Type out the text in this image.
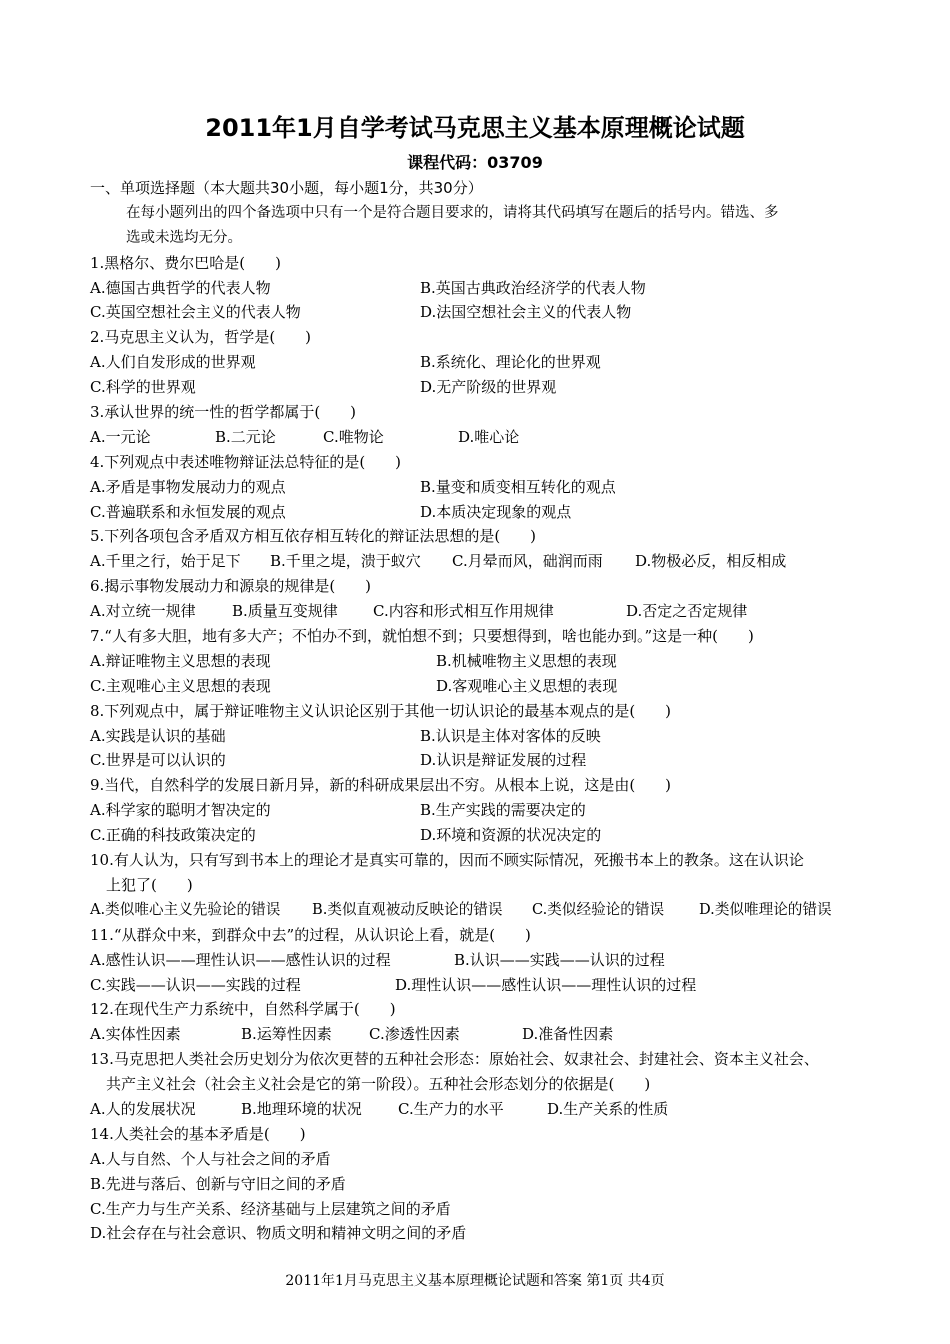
2011年1月自学考试马克思主义基本原理概论试题
课程代码：03709
一、单项选择题（本大题共30小题，每小题1分，共30分）
在每小题列出的四个备选项中只有一个是符合题目要求的，请将其代码填写在题后的括号内。错选、多
选或未选均无分。
1.黑格尔、费尔巴哈是(　　)
A.德国古典哲学的代表人物	B.英国古典政治经济学的代表人物
C.英国空想社会主义的代表人物	D.法国空想社会主义的代表人物
2.马克思主义认为，哲学是(　　)
A.人们自发形成的世界观	B.系统化、理论化的世界观
C.科学的世界观	D.无产阶级的世界观
3.承认世界的统一性的哲学都属于(　　)
A.一元论	B.二元论	C.唯物论	D.唯心论
4.下列观点中表述唯物辩证法总特征的是(　　)
A.矛盾是事物发展动力的观点	B.量变和质变相互转化的观点
C.普遍联系和永恒发展的观点	D.本质决定现象的观点
5.下列各项包含矛盾双方相互依存相互转化的辩证法思想的是(　　)
A.千里之行，始于足下 B.千里之堤，溃于蚁穴 C.月晕而风，础润而雨 D.物极必反，相反相成
6.揭示事物发展动力和源泉的规律是(　　)
A.对立统一规律 B.质量互变规律 C.内容和形式相互作用规律	D.否定之否定规律
7.“人有多大胆，地有多大产；不怕办不到，就怕想不到；只要想得到，啥也能办到。”这是一种(　　)
A.辩证唯物主义思想的表现	B.机械唯物主义思想的表现
C.主观唯心主义思想的表现	D.客观唯心主义思想的表现
8.下列观点中，属于辩证唯物主义认识论区别于其他一切认识论的最基本观点的是(　　)
A.实践是认识的基础	B.认识是主体对客体的反映
C.世界是可以认识的	D.认识是辩证发展的过程
9.当代，自然科学的发展日新月异，新的科研成果层出不穷。从根本上说，这是由(　　)
A.科学家的聪明才智决定的	B.生产实践的需要决定的
C.正确的科技政策决定的	D.环境和资源的状况决定的
10.有人认为，只有写到书本上的理论才是真实可靠的，因而不顾实际情况，死搬书本上的教条。这在认识论
上犯了(　　)
A.类似唯心主义先验论的错误 B.类似直观被动反映论的错误 C.类似经验论的错误 D.类似唯理论的错误
11.“从群众中来，到群众中去”的过程，从认识论上看，就是(　　)
A.感性认识——理性认识——感性认识的过程	B.认识——实践——认识的过程
C.实践——认识——实践的过程	D.理性认识——感性认识——理性认识的过程
12.在现代生产力系统中，自然科学属于(　　)
A.实体性因素	B.运筹性因素 C.渗透性因素	D.准备性因素
13.马克思把人类社会历史划分为依次更替的五种社会形态：原始社会、奴隶社会、封建社会、资本主义社会、
共产主义社会（社会主义社会是它的第一阶段）。五种社会形态划分的依据是(　　)
A.人的发展状况	B.地理环境的状况 C.生产力的水平	D.生产关系的性质
14.人类社会的基本矛盾是(　　)
A.人与自然、个人与社会之间的矛盾
B.先进与落后、创新与守旧之间的矛盾
C.生产力与生产关系、经济基础与上层建筑之间的矛盾
D.社会存在与社会意识、物质文明和精神文明之间的矛盾
2011年1月马克思主义基本原理概论试题和答案 第1页 共4页
